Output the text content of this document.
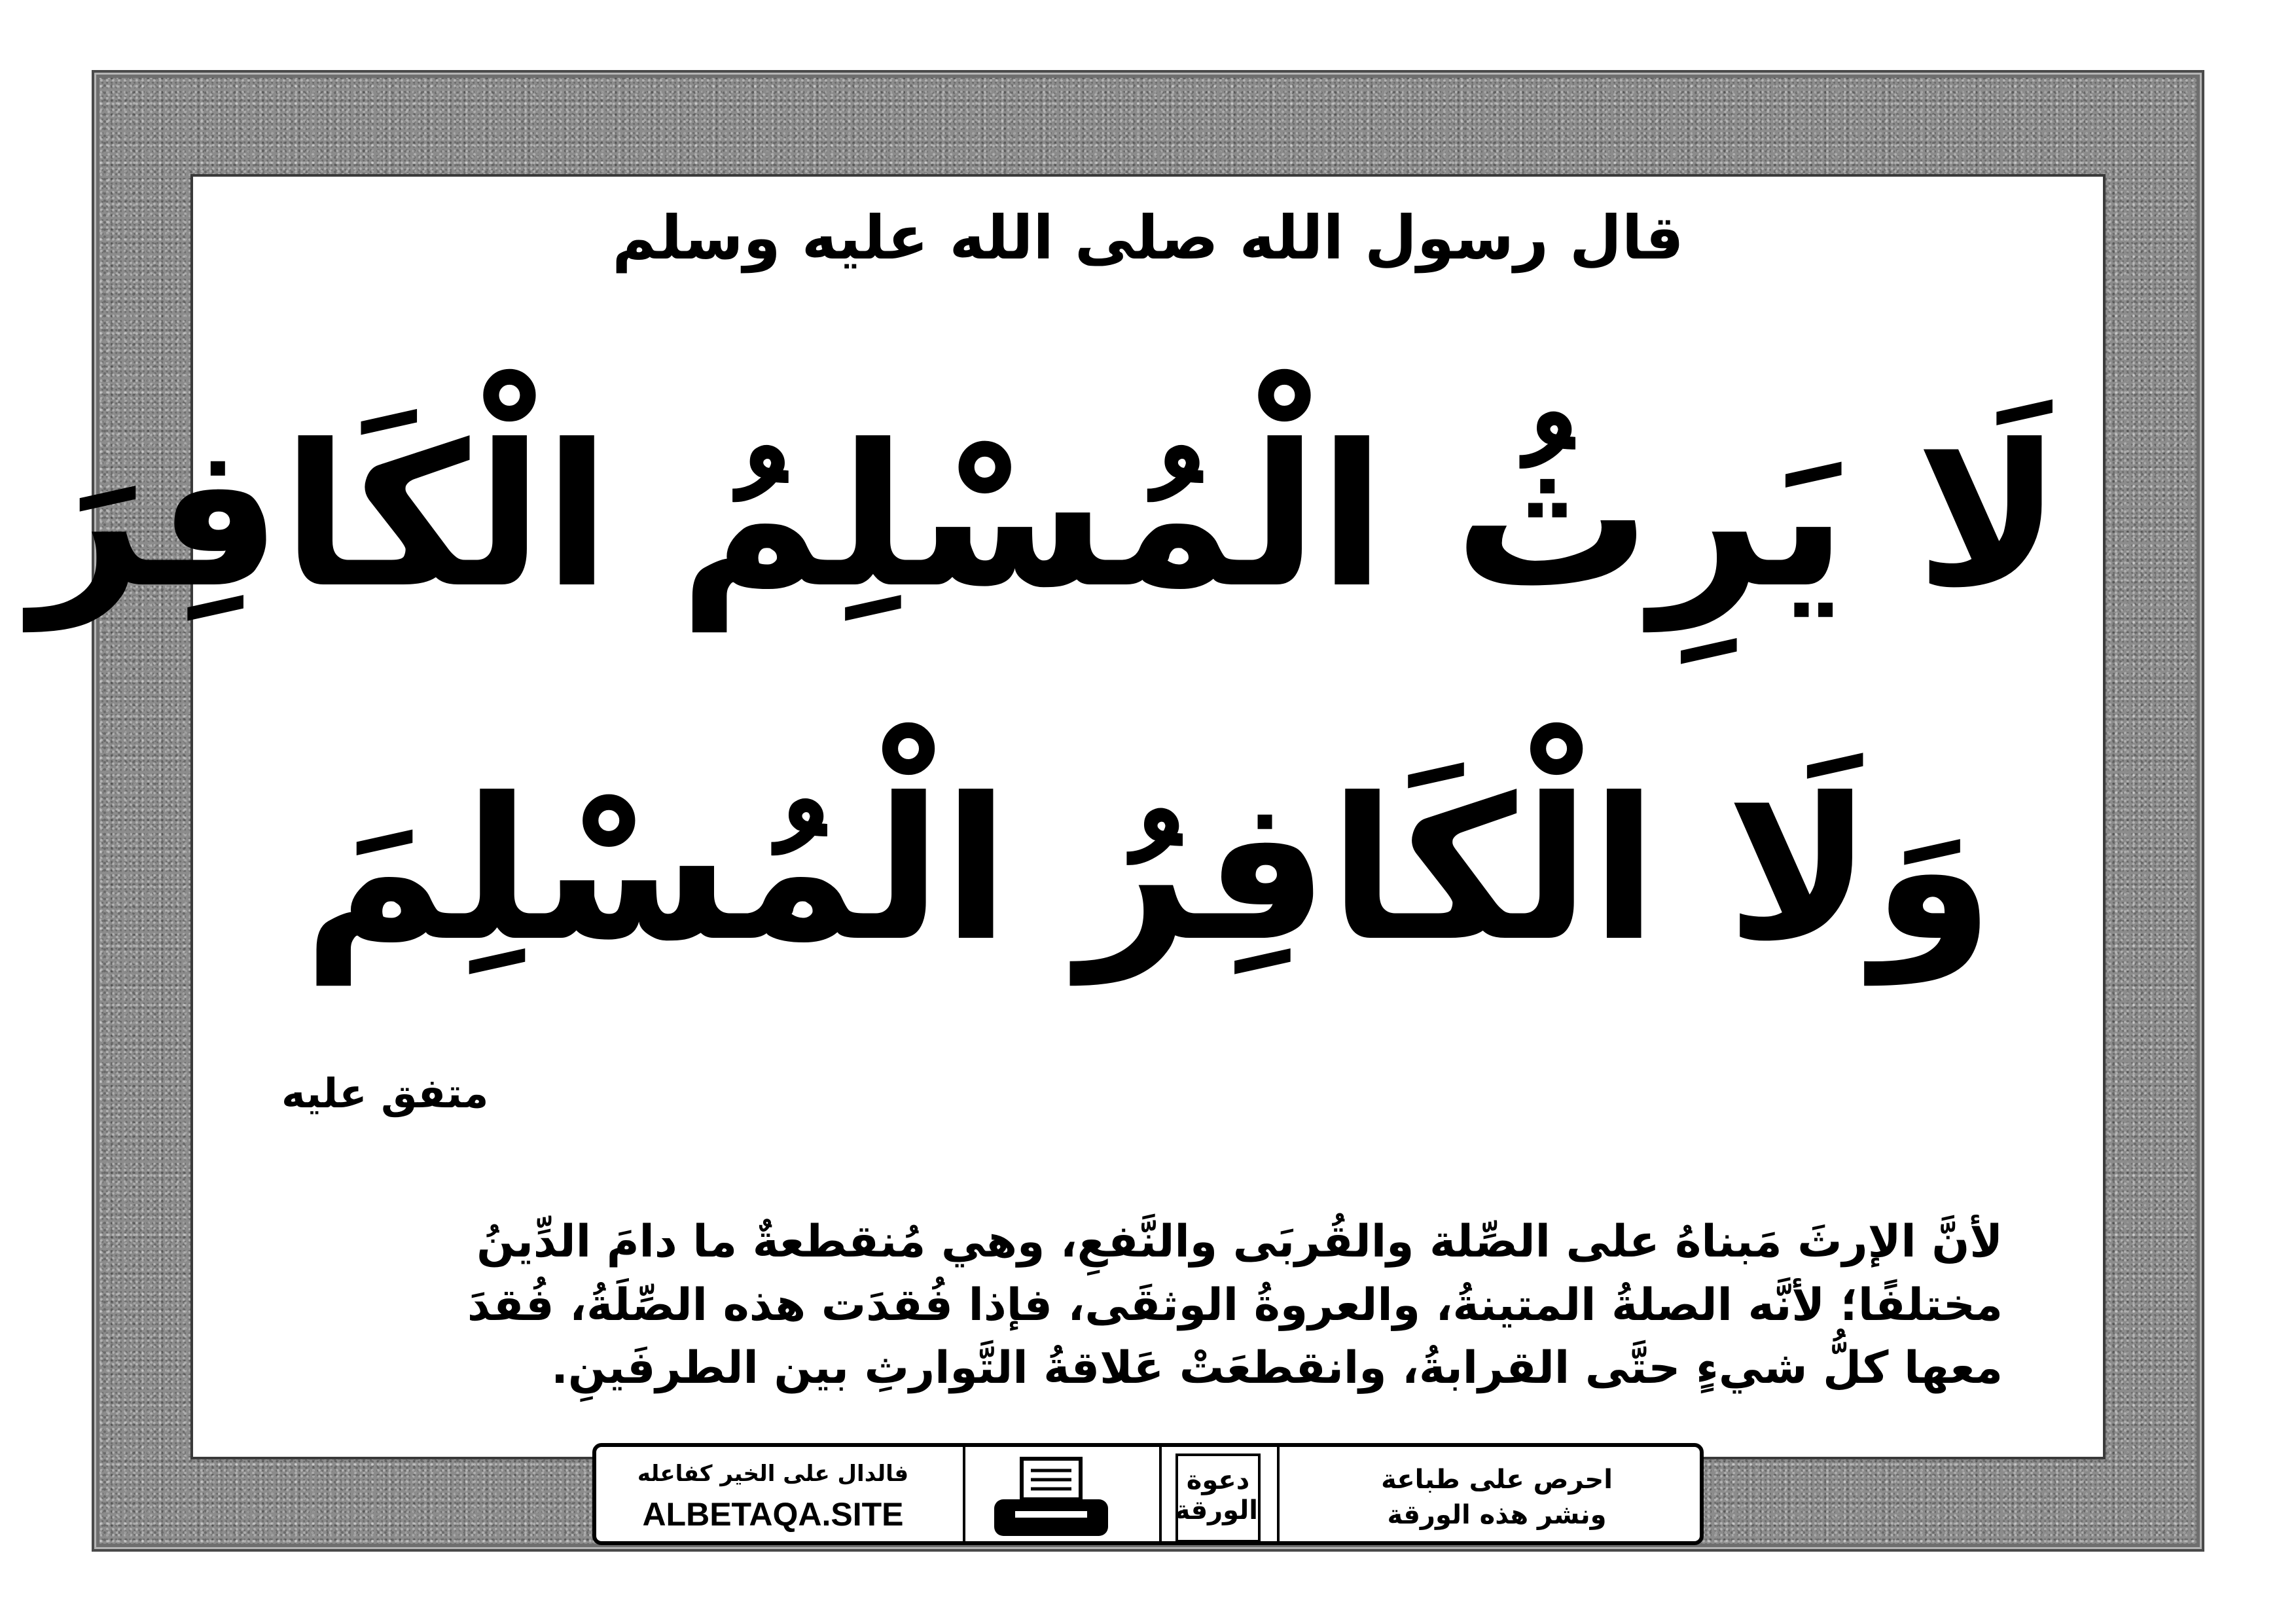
قال رسول الله صلى الله عليه وسلم
لَا يَرِثُ الْمُسْلِمُ الْكَافِرَ
وَلَا الْكَافِرُ الْمُسْلِمَ
متفق عليه

لأنَّ الإرثَ مَبناهُ على الصِّلة والقُربَى والنَّفعِ، وهي مُنقطعةٌ ما دامَ الدِّينُ

مختلفًا؛ لأنَّه الصلةُ المتينةُ، والعروةُ الوثقَى، فإذا فُقدَت هذه الصِّلَةُ، فُقدَ

معها كلُّ شيءٍ حتَّى القرابةُ، وانقطعَتْ عَلاقةُ التَّوارثِ بين الطرفَينِ.

فالدال على الخير كفاعله
ALBETAQA.SITE
دعوة
الورقة
احرص على طباعة
ونشر هذه الورقة
